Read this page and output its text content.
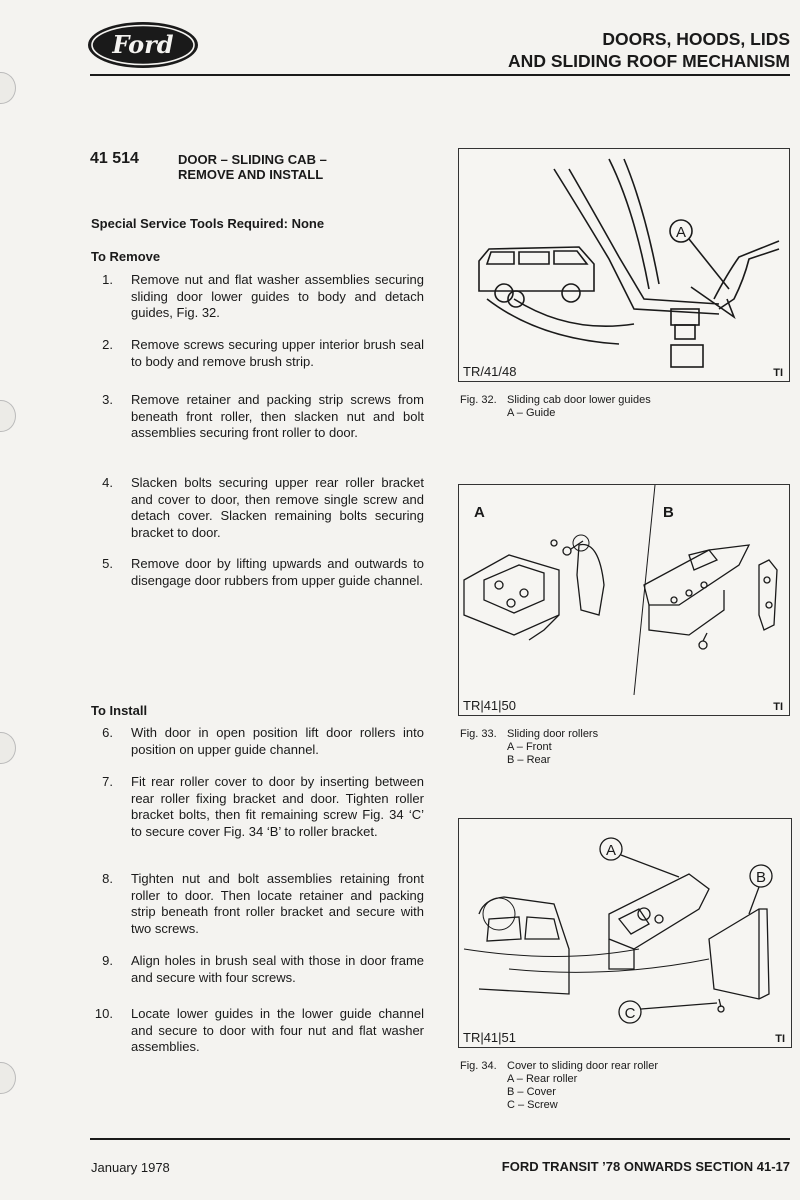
Ford	DOORS, HOODS, LIDS
AND SLIDING ROOF MECHANISM
41 514	DOOR – SLIDING CAB –
REMOVE AND INSTALL
Special Service Tools Required: None
To Remove
1. Remove nut and flat washer assemblies securing sliding door lower guides to body and detach guides, Fig. 32.
2. Remove screws securing upper interior brush seal to body and remove brush strip.
3. Remove retainer and packing strip screws from beneath front roller, then slacken nut and bolt assemblies securing front roller to door.
4. Slacken bolts securing upper rear roller bracket and cover to door, then remove single screw and detach cover. Slacken remaining bolts securing bracket to door.
5. Remove door by lifting upwards and outwards to disengage door rubbers from upper guide channel.
To Install
6. With door in open position lift door rollers into position on upper guide channel.
7. Fit rear roller cover to door by inserting between rear roller fixing bracket and door. Tighten roller bracket bolts, then fit remaining screw Fig. 34 ‘C’ to secure cover Fig. 34 ‘B’ to roller bracket.
8. Tighten nut and bolt assemblies retaining front roller to door. Then locate retainer and packing strip beneath front roller bracket and secure with two screws.
9. Align holes in brush seal with those in door frame and secure with four screws.
10. Locate lower guides in the lower guide channel and secure to door with four nut and flat washer assemblies.
A
TR/41/48	TI
Fig. 32. Sliding cab door lower guides
A – Guide
A	B
TR|41|50	TI
Fig. 33. Sliding door rollers
A – Front
B – Rear
A
B
C
TR|41|51	TI
Fig. 34. Cover to sliding door rear roller
A – Rear roller
B – Cover
C – Screw
January 1978	FORD TRANSIT ’78 ONWARDS SECTION 41-17
